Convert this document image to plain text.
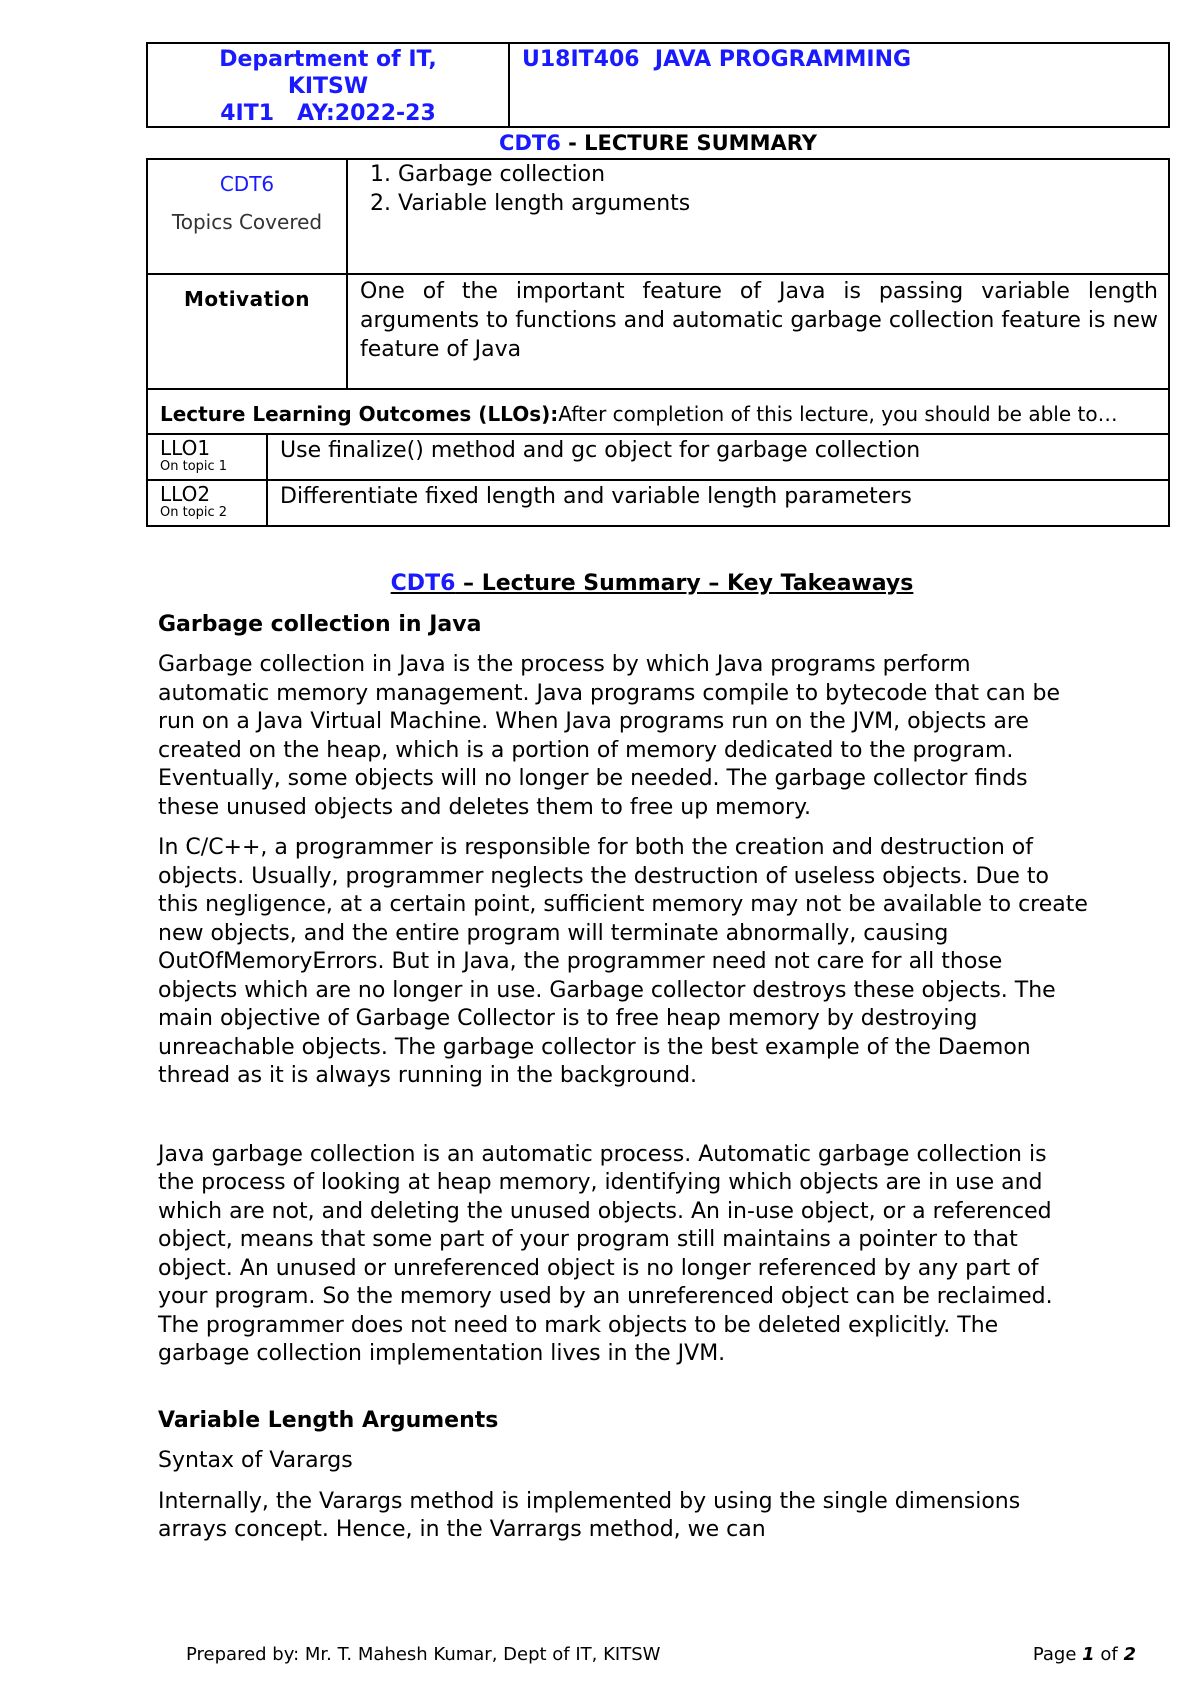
Department of IT,
KITSW
4IT1   AY:2022-23
U18IT406  JAVA PROGRAMMING
CDT6 - LECTURE SUMMARY
CDT6
Topics Covered
1. Garbage collection
2. Variable length arguments
Motivation	One of the important feature of Java is passing variable length arguments to functions and automatic garbage collection feature is new feature of Java
Lecture Learning Outcomes (LLOs):After completion of this lecture, you should be able to…
LLO1
On topic 1
Use finalize() method and gc object for garbage collection
LLO2
On topic 2
Differentiate fixed length and variable length parameters
CDT6 – Lecture Summary – Key Takeaways
Garbage collection in Java
Garbage collection in Java is the process by which Java programs perform automatic memory management. Java programs compile to bytecode that can be run on a Java Virtual Machine. When Java programs run on the JVM, objects are created on the heap, which is a portion of memory dedicated to the program. Eventually, some objects will no longer be needed. The garbage collector finds these unused objects and deletes them to free up memory.
In C/C++, a programmer is responsible for both the creation and destruction of objects. Usually, programmer neglects the destruction of useless objects. Due to this negligence, at a certain point, sufficient memory may not be available to create new objects, and the entire program will terminate abnormally, causing OutOfMemoryErrors. But in Java, the programmer need not care for all those objects which are no longer in use. Garbage collector destroys these objects. The main objective of Garbage Collector is to free heap memory by destroying unreachable objects. The garbage collector is the best example of the Daemon thread as it is always running in the background.
Java garbage collection is an automatic process. Automatic garbage collection is the process of looking at heap memory, identifying which objects are in use and which are not, and deleting the unused objects. An in-use object, or a referenced object, means that some part of your program still maintains a pointer to that object. An unused or unreferenced object is no longer referenced by any part of your program. So the memory used by an unreferenced object can be reclaimed. The programmer does not need to mark objects to be deleted explicitly. The garbage collection implementation lives in the JVM.
Variable Length Arguments
Syntax of Varargs
Internally, the Varargs method is implemented by using the single dimensions arrays concept. Hence, in the Varrargs method, we can
Prepared by: Mr. T. Mahesh Kumar, Dept of IT, KITSW	Page 1 of 2
